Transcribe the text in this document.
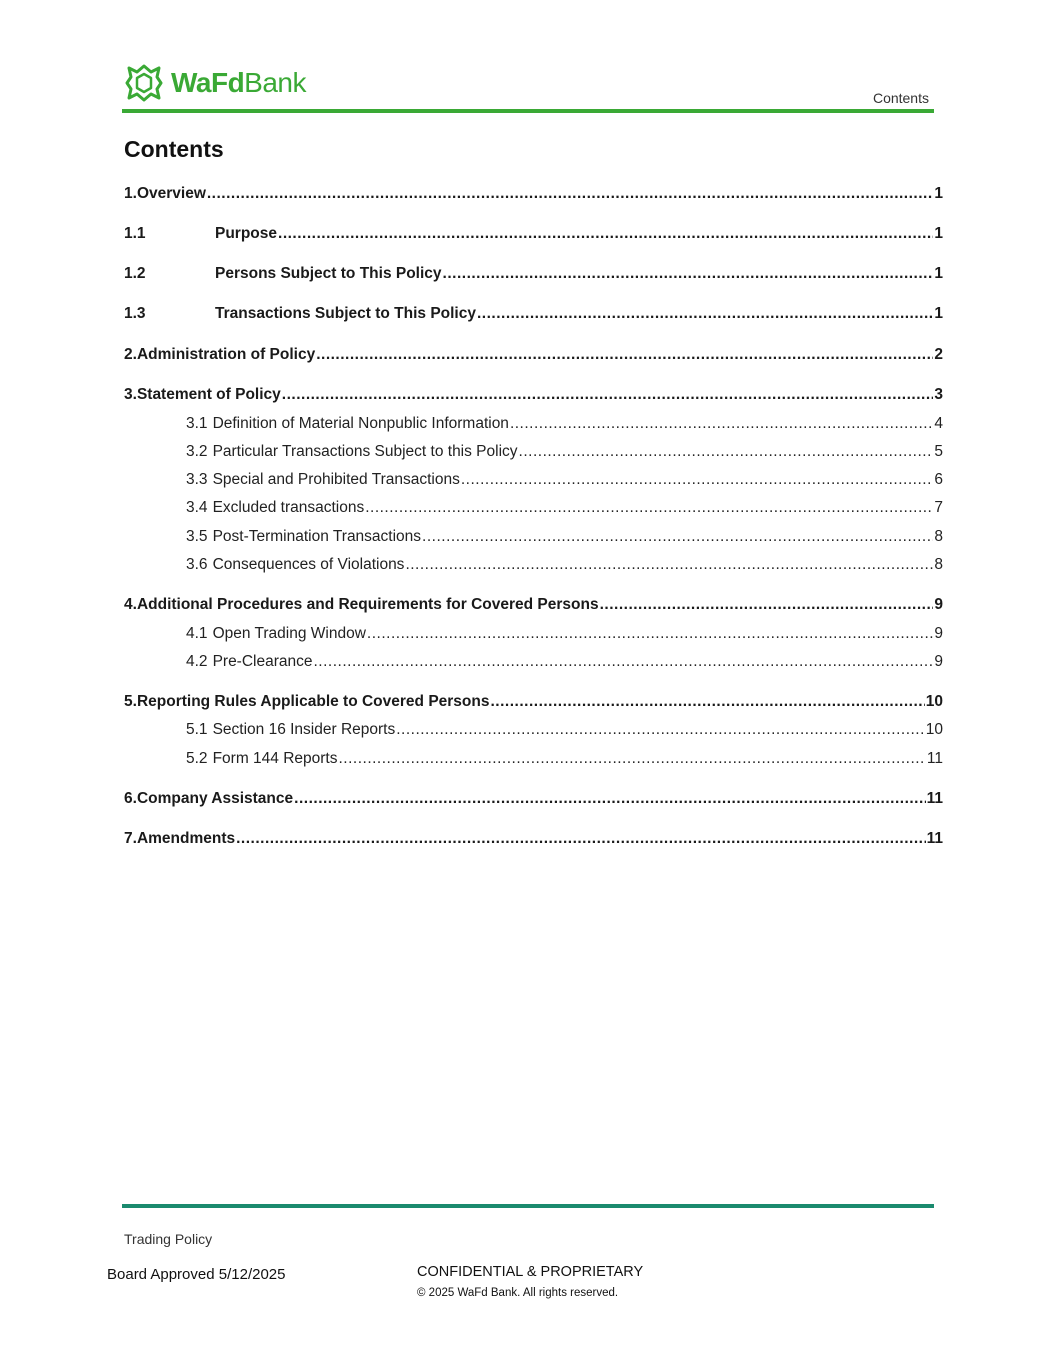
WaFdBank	Contents
Contents
1. Overview .....	1
1.1	Purpose .....	1
1.2	Persons Subject to This Policy .....	1
1.3	Transactions Subject to This Policy .....	1
2. Administration of Policy .....	2
3. Statement of Policy .....	3
3.1 Definition of Material Nonpublic Information .....	4
3.2 Particular Transactions Subject to this Policy .....	5
3.3 Special and Prohibited Transactions .....	6
3.4 Excluded transactions .....	7
3.5 Post-Termination Transactions .....	8
3.6 Consequences of Violations .....	8
4. Additional Procedures and Requirements for Covered Persons .....	9
4.1 Open Trading Window .....	9
4.2 Pre-Clearance .....	9
5. Reporting Rules Applicable to Covered Persons .....	10
5.1 Section 16 Insider Reports .....	10
5.2 Form 144 Reports .....	11
6. Company Assistance .....	11
7. Amendments .....	11
Trading Policy
Board Approved 5/12/2025	CONFIDENTIAL & PROPRIETARY
© 2025 WaFd Bank. All rights reserved.
